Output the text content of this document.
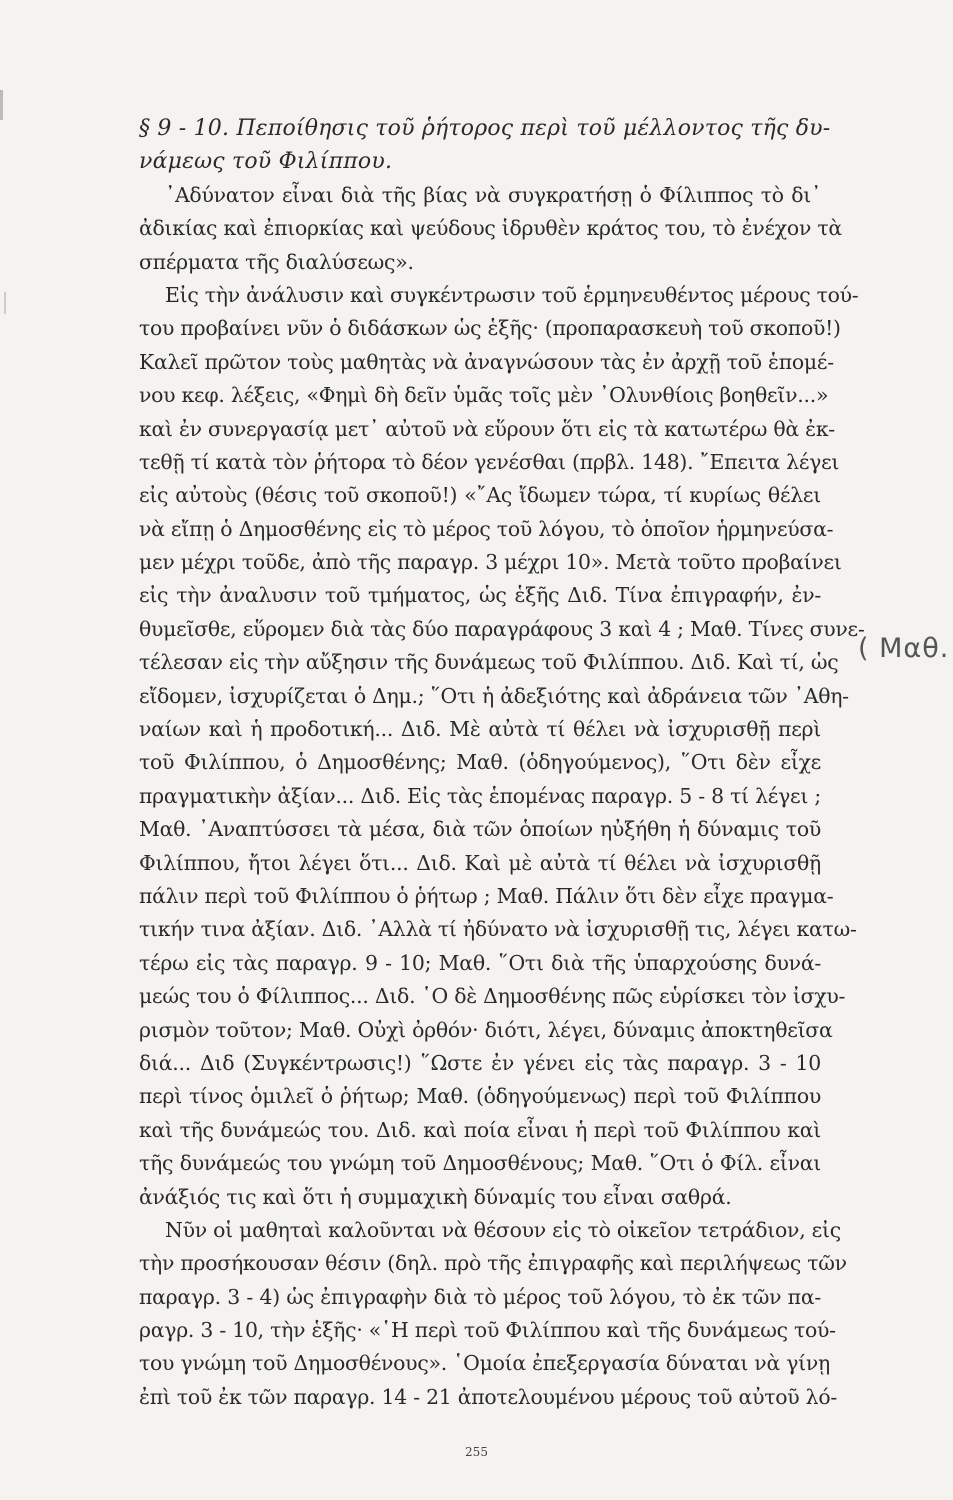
§ 9 - 10. Πεποίθησις τοῦ ῥήτορος περὶ τοῦ μέλλοντος τῆς δυ-
νάμεως τοῦ Φιλίππου.
᾿Αδύνατον εἶναι διὰ τῆς βίας νὰ συγκρατήσῃ ὁ Φίλιππος τὸ δι᾿
ἀδικίας καὶ ἐπιορκίας καὶ ψεύδους ἱδρυθὲν κράτος του, τὸ ἐνέχον τὰ
σπέρματα τῆς διαλύσεως».
Εἰς τὴν ἀνάλυσιν καὶ συγκέντρωσιν τοῦ ἑρμηνευθέντος μέρους τού-
του προβαίνει νῦν ὁ διδάσκων ὡς ἑξῆς· (προπαρασκευὴ τοῦ σκοποῦ!)
Καλεῖ πρῶτον τοὺς μαθητὰς νὰ ἀναγνώσουν τὰς ἐν ἀρχῇ τοῦ ἑπομέ-
νου κεφ. λέξεις, «Φημὶ δὴ δεῖν ὑμᾶς τοῖς μὲν ᾿Ολυνθίοις βοηθεῖν...»
καὶ ἐν συνεργασίᾳ μετ᾿ αὐτοῦ νὰ εὕρουν ὅτι εἰς τὰ κατωτέρω θὰ ἐκ-
τεθῇ τί κατὰ τὸν ῥήτορα τὸ δέον γενέσθαι (πρβλ. 148). ῎Επειτα λέγει
εἰς αὐτοὺς (θέσις τοῦ σκοποῦ!) «῎Ας ἴδωμεν τώρα, τί κυρίως θέλει
νὰ εἴπῃ ὁ Δημοσθένης εἰς τὸ μέρος τοῦ λόγου, τὸ ὁποῖον ἡρμηνεύσα-
μεν μέχρι τοῦδε, ἀπὸ τῆς παραγρ. 3 μέχρι 10». Μετὰ τοῦτο προβαίνει
εἰς τὴν ἀναλυσιν τοῦ τμήματος, ὡς ἑξῆς Διδ. Τίνα ἐπιγραφήν, ἐν-
θυμεῖσθε, εὕρομεν διὰ τὰς δύο παραγράφους 3 καὶ 4 ; Μαθ. Τίνες συνε-
τέλεσαν εἰς τὴν αὔξησιν τῆς δυνάμεως τοῦ Φιλίππου. Διδ. Καὶ τί, ὡς
εἴδομεν, ἰσχυρίζεται ὁ Δημ.; ῞Οτι ἡ ἀδεξιότης καὶ ἀδράνεια τῶν ᾿Αθη-
ναίων καὶ ἡ προδοτική... Διδ. Μὲ αὐτὰ τί θέλει νὰ ἰσχυρισθῇ περὶ
τοῦ Φιλίππου, ὁ Δημοσθένης; Μαθ. (ὁδηγούμενος), ῞Οτι δὲν εἶχε
πραγματικὴν ἀξίαν... Διδ. Εἰς τὰς ἑπομένας παραγρ. 5 - 8 τί λέγει ;
Μαθ. ᾿Αναπτύσσει τὰ μέσα, διὰ τῶν ὁποίων ηὐξήθη ἡ δύναμις τοῦ
Φιλίππου, ἤτοι λέγει ὅτι... Διδ. Καὶ μὲ αὐτὰ τί θέλει νὰ ἰσχυρισθῇ
πάλιν περὶ τοῦ Φιλίππου ὁ ῥήτωρ ; Μαθ. Πάλιν ὅτι δὲν εἶχε πραγμα-
τικήν τινα ἀξίαν. Διδ. ᾿Αλλὰ τί ἠδύνατο νὰ ἰσχυρισθῇ τις, λέγει κατω-
τέρω εἰς τὰς παραγρ. 9 - 10; Μαθ. ῞Οτι διὰ τῆς ὑπαρχούσης δυνά-
μεώς του ὁ Φίλιππος... Διδ. ῾Ο δὲ Δημοσθένης πῶς εὑρίσκει τὸν ἰσχυ-
ρισμὸν τοῦτον; Μαθ. Οὐχὶ ὀρθόν· διότι, λέγει, δύναμις ἀποκτηθεῖσα
διά... Διδ (Συγκέντρωσις!) ῞Ωστε ἐν γένει εἰς τὰς παραγρ. 3 - 10
περὶ τίνος ὁμιλεῖ ὁ ῥήτωρ; Μαθ. (ὁδηγούμενως) περὶ τοῦ Φιλίππου
καὶ τῆς δυνάμεώς του. Διδ. καὶ ποία εἶναι ἡ περὶ τοῦ Φιλίππου καὶ
τῆς δυνάμεώς του γνώμη τοῦ Δημοσθένους; Μαθ. ῞Οτι ὁ Φίλ. εἶναι
ἀνάξιός τις καὶ ὅτι ἡ συμμαχικὴ δύναμίς του εἶναι σαθρά.
Νῦν οἱ μαθηταὶ καλοῦνται νὰ θέσουν εἰς τὸ οἰκεῖον τετράδιον, εἰς
τὴν προσήκουσαν θέσιν (δηλ. πρὸ τῆς ἐπιγραφῆς καὶ περιλήψεως τῶν
παραγρ. 3 - 4) ὡς ἐπιγραφὴν διὰ τὸ μέρος τοῦ λόγου, τὸ ἐκ τῶν πα-
ραγρ. 3 - 10, τὴν ἑξῆς· «῾Η περὶ τοῦ Φιλίππου καὶ τῆς δυνάμεως τού-
του γνώμη τοῦ Δημοσθένους». ῾Ομοία ἐπεξεργασία δύναται νὰ γίνῃ
ἐπὶ τοῦ ἐκ τῶν παραγρ. 14 - 21 ἀποτελουμένου μέρους τοῦ αὐτοῦ λό-
( Μαθ.
255
